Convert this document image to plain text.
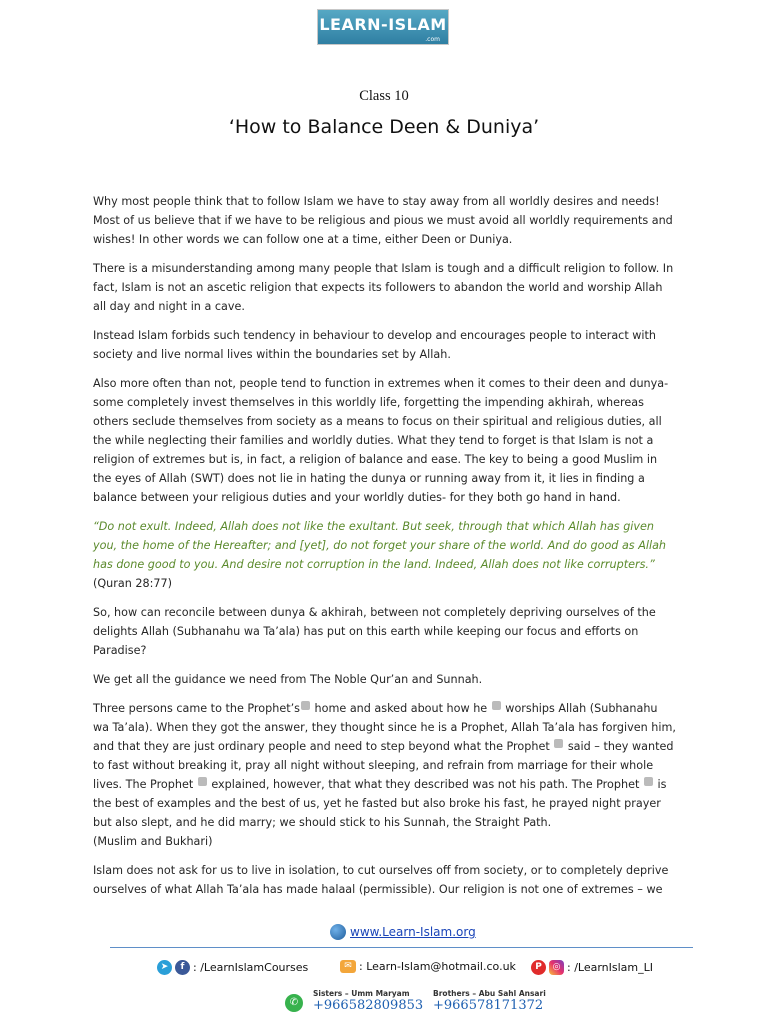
LEARN-ISLAM
.com
Class 10
‘How to Balance Deen & Duniya’

Why most people think that to follow Islam we have to stay away from all worldly desires and needs! Most of us believe that if we have to be religious and pious we must avoid all worldly requirements and wishes! In other words we can follow one at a time, either Deen or Duniya.

There is a misunderstanding among many people that Islam is tough and a difficult religion to follow. In fact, Islam is not an ascetic religion that expects its followers to abandon the world and worship Allah all day and night in a cave.

Instead Islam forbids such tendency in behaviour to develop and encourages people to interact with society and live normal lives within the boundaries set by Allah.

Also more often than not, people tend to function in extremes when it comes to their deen and dunya- some completely invest themselves in this worldly life, forgetting the impending akhirah, whereas others seclude themselves from society as a means to focus on their spiritual and religious duties, all the while neglecting their families and worldly duties. What they tend to forget is that Islam is not a religion of extremes but is, in fact, a religion of balance and ease. The key to being a good Muslim in the eyes of Allah (SWT) does not lie in hating the dunya or running away from it, it lies in finding a balance between your religious duties and your worldly duties- for they both go hand in hand.

“Do not exult. Indeed, Allah does not like the exultant. But seek, through that which Allah has given you, the home of the Hereafter; and [yet], do not forget your share of the world. And do good as Allah has done good to you. And desire not corruption in the land. Indeed, Allah does not like corrupters.”
(Quran 28:77)

So, how can reconcile between dunya & akhirah, between not completely depriving ourselves of the delights Allah (Subhanahu wa Ta’ala) has put on this earth while keeping our focus and efforts on Paradise?

We get all the guidance we need from The Noble Qur’an and Sunnah.

Three persons came to the Prophet’s home and asked about how he  worships Allah (Subhanahu wa Ta’ala). When they got the answer, they thought since he is a Prophet, Allah Ta’ala has forgiven him, and that they are just ordinary people and need to step beyond what the Prophet  said – they wanted to fast without breaking it, pray all night without sleeping, and refrain from marriage for their whole lives. The Prophet  explained, however, that what they described was not his path. The Prophet  is the best of examples and the best of us, yet he fasted but also broke his fast, he prayed night prayer but also slept, and he did marry; we should stick to his Sunnah, the Straight Path.
(Muslim and Bukhari)

Islam does not ask for us to live in isolation, to cut ourselves off from society, or to completely deprive ourselves of what Allah Ta’ala has made halaal (permissible). Our religion is not one of extremes – we

www.Learn-Islam.org
➤	f : /LearnIslamCourses	✉ : Learn-Islam@hotmail.co.uk	P	◎ : /LearnIslam_LI
✆
Sisters – Umm Maryam
+966582809853
Brothers – Abu Sahl Ansari
+966578171372
